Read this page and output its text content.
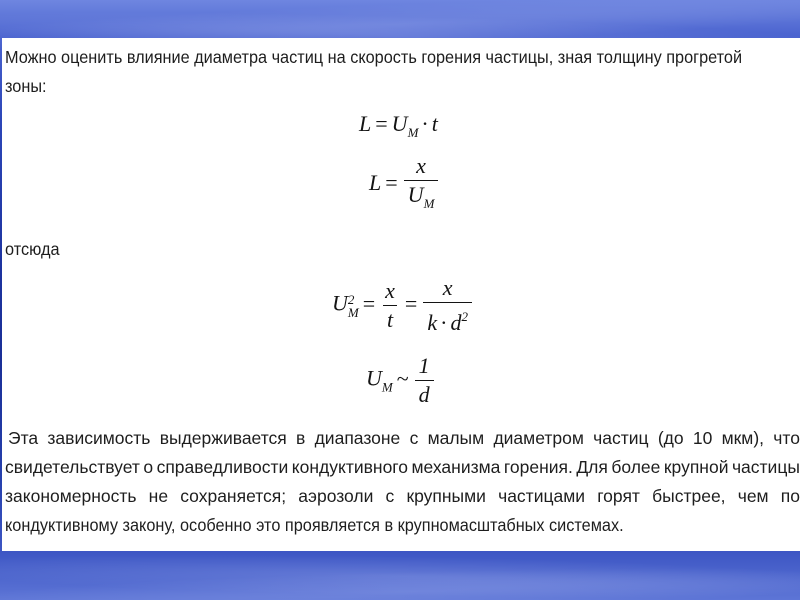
Можно оценить влияние диаметра частиц на скорость горения частицы, зная толщину прогретой
зоны:
$L = U_M \cdot t$
$L = \frac{x}{U_M}$
отсюда
U 2
$M = \frac{x}{t} = \frac{x}{k \cdot d^2}$
$U_M$ ~ $\frac{1}{d}$
Эта зависимость выдерживается в диапазоне с малым диаметром частиц (до 10 мкм), что
свидетельствует о справедливости кондуктивного механизма горения. Для более крупной частицы
закономерность не сохраняется; аэрозоли с крупными частицами горят быстрее, чем по
кондуктивному закону, особенно это проявляется в крупномасштабных системах.
